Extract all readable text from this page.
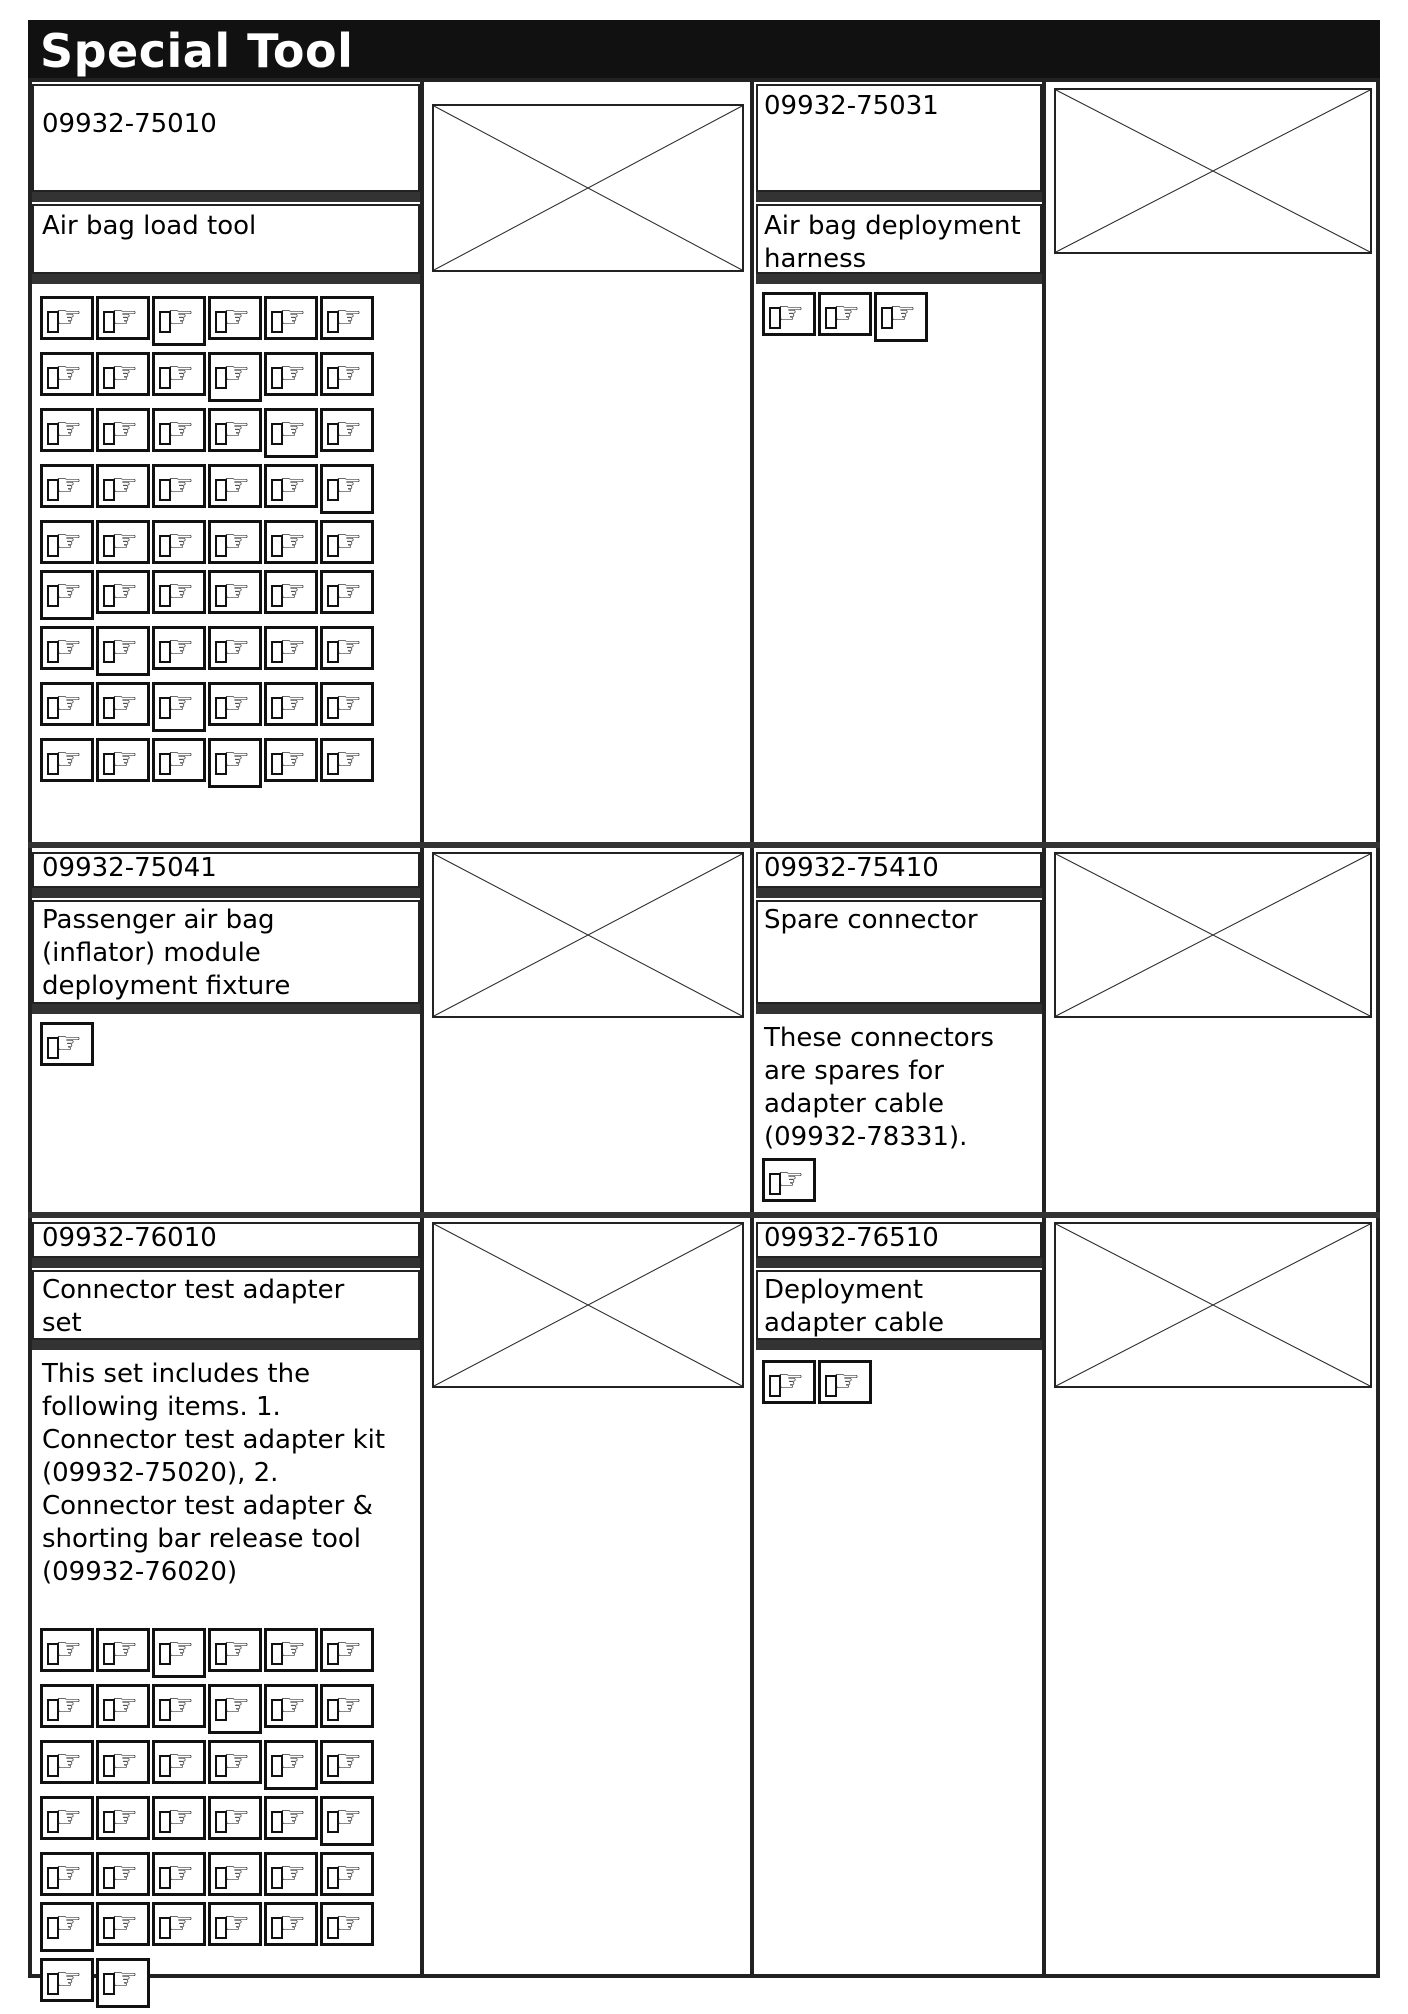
Special Tool
09932-75010
Air bag load tool
☞
☞
☞
☞
☞
☞
☞
☞
☞
☞
☞
☞
☞
☞
☞
☞
☞
☞
☞
☞
☞
☞
☞
☞
☞
☞
☞
☞
☞
☞
☞
☞
☞
☞
☞
☞
☞
☞
☞
☞
☞
☞
☞
☞
☞
☞
☞
☞
☞
☞
☞
☞
☞
☞
09932-75031
Air bag deployment harness
☞
☞
☞
09932-75041
Passenger air bag (inflator) module deployment fixture
☞
09932-75410
Spare connector
These connectors are spares for adapter cable (09932-78331).
☞
09932-76010
Connector test adapter set
This set includes the following items. 1. Connector test adapter kit (09932-75020), 2. Connector test adapter & shorting bar release tool (09932-76020)
☞
☞
☞
☞
☞
☞
☞
☞
☞
☞
☞
☞
☞
☞
☞
☞
☞
☞
☞
☞
☞
☞
☞
☞
☞
☞
☞
☞
☞
☞
☞
☞
☞
☞
☞
☞
☞
☞
09932-76510
Deployment adapter cable
☞
☞
